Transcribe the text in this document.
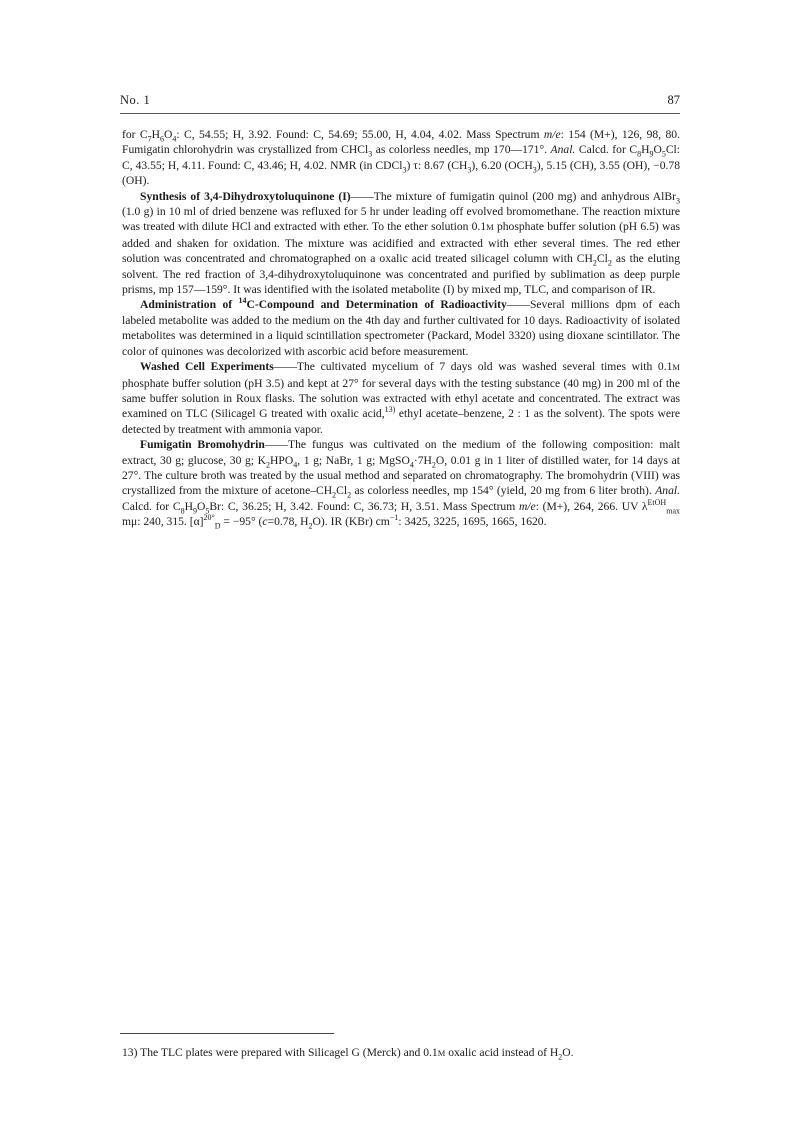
No. 1	87

for $C_7H_6O_4$: C, 54.55; H, 3.92. Found: C, 54.69; 55.00, H, 4.04, 4.02. Mass Spectrum m/e: 154 (M+), 126, 98, 80. Fumigatin chlorohydrin was crystallized from CHCl$_3$ as colorless needles, mp 170—171°. Anal. Calcd. for $C_8H_9O_5Cl$: C, 43.55; H, 4.11. Found: C, 43.46; H, 4.02. NMR (in CDCl$_3$) τ: 8.67 $(CH_3)$, 6.20 $(OCH_3)$, 5.15 (CH), 3.55 (OH), −0.78 (OH).

Synthesis of 3,4-Dihydroxytoluquinone (I)——The mixture of fumigatin quinol (200 mg) and anhydrous AlBr$_3$ (1.0 g) in 10 ml of dried benzene was refluxed for 5 hr under leading off evolved bromomethane. The reaction mixture was treated with dilute HCl and extracted with ether. To the ether solution 0.1M phosphate buffer solution (pH 6.5) was added and shaken for oxidation. The mixture was acidified and extracted with ether several times. The red ether solution was concentrated and chromatographed on a oxalic acid treated silicagel column with $CH_2Cl_2$ as the eluting solvent. The red fraction of 3,4-dihydroxytoluquinone was concentrated and purified by sublimation as deep purple prisms, mp 157—159°. It was identified with the isolated metabolite (I) by mixed mp, TLC, and comparison of IR.

Administration of $^{14}$C-Compound and Determination of Radioactivity——Several millions dpm of each labeled metabolite was added to the medium on the 4th day and further cultivated for 10 days. Radioactivity of isolated metabolites was determined in a liquid scintillation spectrometer (Packard, Model 3320) using dioxane scintillator. The color of quinones was decolorized with ascorbic acid before measurement.

Washed Cell Experiments——The cultivated mycelium of 7 days old was washed several times with 0.1M phosphate buffer solution (pH 3.5) and kept at 27° for several days with the testing substance (40 mg) in 200 ml of the same buffer solution in Roux flasks. The solution was extracted with ethyl acetate and concentrated. The extract was examined on TLC (Silicagel G treated with oxalic acid,$^{13)}$ ethyl acetate–benzene, 2 : 1 as the solvent). The spots were detected by treatment with ammonia vapor.

Fumigatin Bromohydrin——The fungus was cultivated on the medium of the following composition: malt extract, 30 g; glucose, 30 g; $K_2HPO_4$, 1 g; NaBr, 1 g; $MgSO_4\cdot 7H_2O$, 0.01 g in 1 liter of distilled water, for 14 days at 27°. The culture broth was treated by the usual method and separated on chromatography. The bromohydrin (VIII) was crystallized from the mixture of acetone–$CH_2Cl_2$ as colorless needles, mp 154° (yield, 20 mg from 6 liter broth). Anal. Calcd. for $C_8H_9O_5Br$: C, 36.25; H, 3.42. Found: C, 36.73; H, 3.51. Mass Spectrum m/e: (M+), 264, 266. UV $\lambda^{EtOH}_{max}$ mμ: 240, 315. $[\alpha]^{20^\circ}_D = -95^\circ$ (c=0.78, $H_2O$). IR (KBr) $cm^{-1}$: 3425, 3225, 1695, 1665, 1620.

13) The TLC plates were prepared with Silicagel G (Merck) and 0.1M oxalic acid instead of $H_2O$.
